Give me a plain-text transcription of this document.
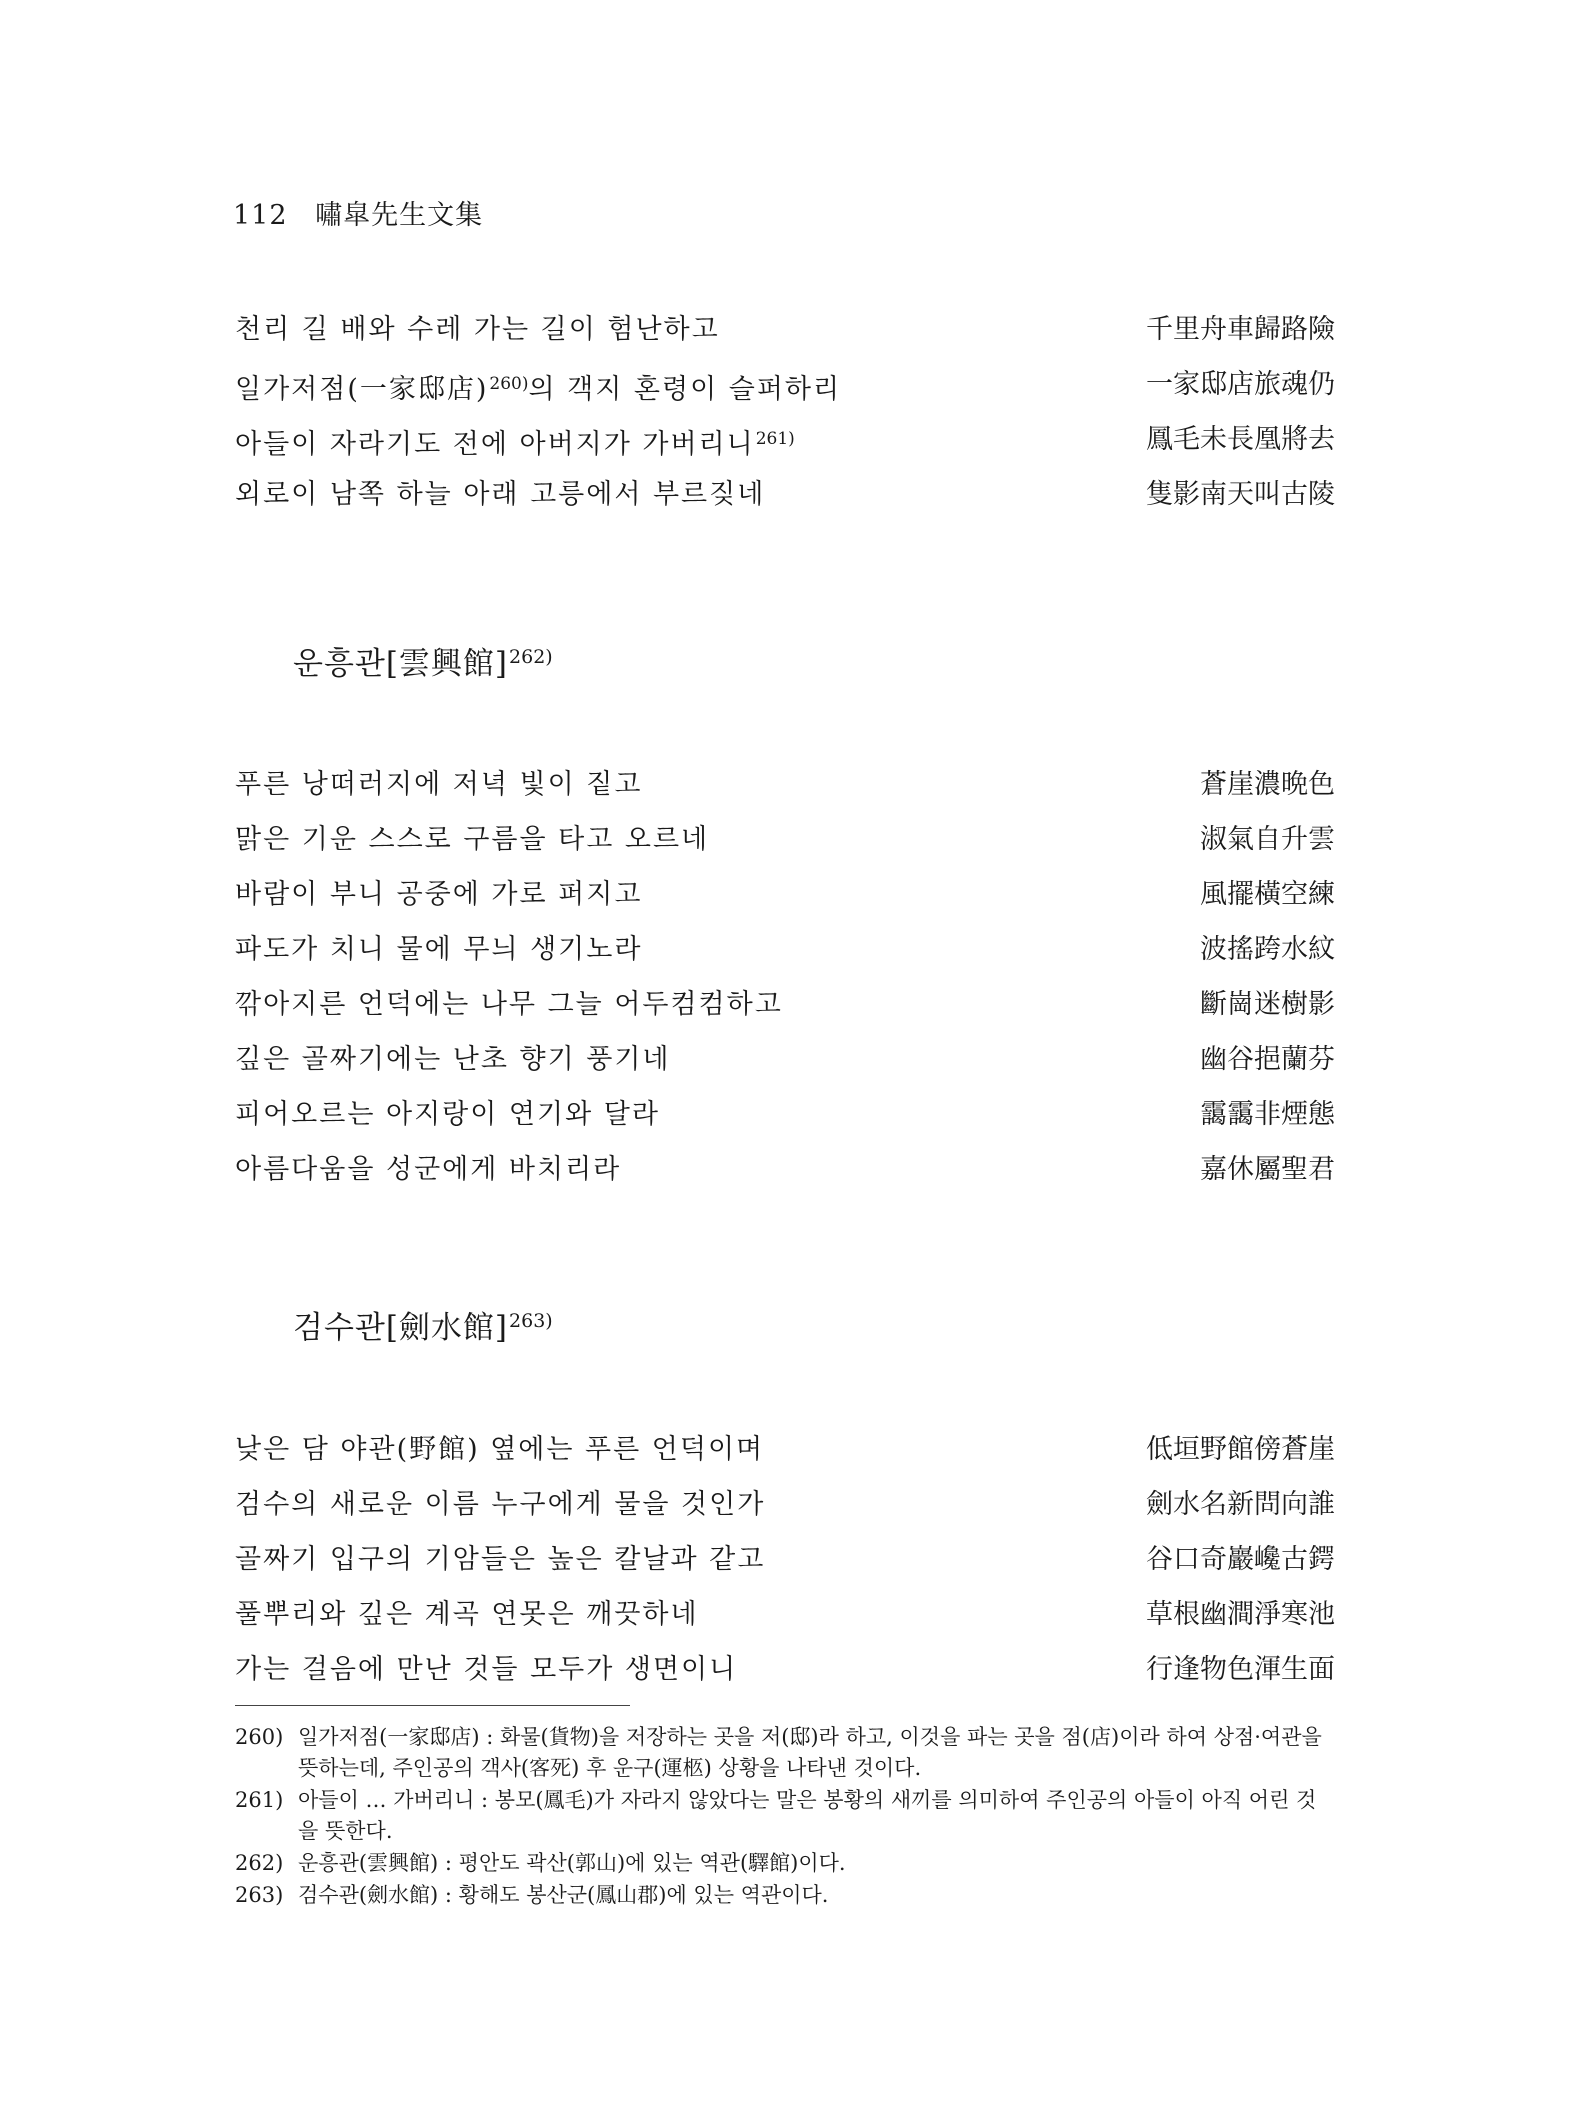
112 嘯皐先生文集
천리 길 배와 수레 가는 길이 험난하고	千里舟車歸路險
일가저점(一家邸店)$^{260)}$의 객지 혼령이 슬퍼하리	一家邸店旅魂仍
아들이 자라기도 전에 아버지가 가버리니$^{261)}$	鳳毛未長凰將去
외로이 남쪽 하늘 아래 고릉에서 부르짖네	隻影南天叫古陵
운흥관[雲興館]$^{262)}$
푸른 낭떠러지에 저녁 빛이 짙고	蒼崖濃晩色
맑은 기운 스스로 구름을 타고 오르네	淑氣自升雲
바람이 부니 공중에 가로 퍼지고	風擺橫空練
파도가 치니 물에 무늬 생기노라	波搖跨水紋
깎아지른 언덕에는 나무 그늘 어두컴컴하고	斷崗迷樹影
깊은 골짜기에는 난초 향기 풍기네	幽谷挹蘭芬
피어오르는 아지랑이 연기와 달라	靄靄非煙態
아름다움을 성군에게 바치리라	嘉休屬聖君
검수관[劍水館]$^{263)}$
낮은 담 야관(野館) 옆에는 푸른 언덕이며	低垣野館傍蒼崖
검수의 새로운 이름 누구에게 물을 것인가	劍水名新問向誰
골짜기 입구의 기암들은 높은 칼날과 같고	谷口奇巖巉古鍔
풀뿌리와 깊은 계곡 연못은 깨끗하네	草根幽澗淨寒池
가는 걸음에 만난 것들 모두가 생면이니	行逢物色渾生面
260) 일가저점(一家邸店) : 화물(貨物)을 저장하는 곳을 저(邸)라 하고, 이것을 파는 곳을 점(店)이라 하여 상점·여관을 뜻하는데, 주인공의 객사(客死) 후 운구(運柩) 상황을 나타낸 것이다.
261) 아들이 … 가버리니 : 봉모(鳳毛)가 자라지 않았다는 말은 봉황의 새끼를 의미하여 주인공의 아들이 아직 어린 것을 뜻한다.
262) 운흥관(雲興館) : 평안도 곽산(郭山)에 있는 역관(驛館)이다.
263) 검수관(劍水館) : 황해도 봉산군(鳳山郡)에 있는 역관이다.
